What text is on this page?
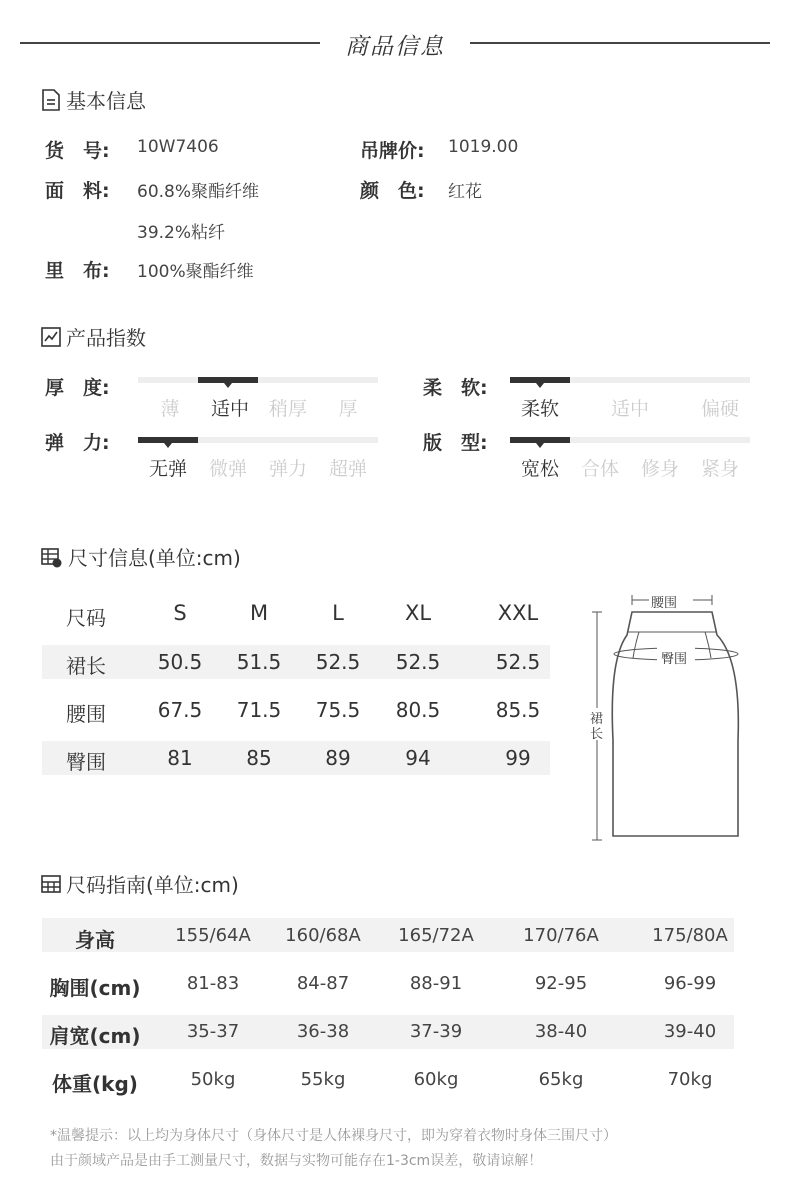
商品信息
基本信息
货　号: 10W7406	吊牌价: 1019.00
面　料: 60.8%聚酯纤维
39.2%粘纤
颜　色: 红花
里　布: 100%聚酯纤维
产品指数
厚　度:
薄	适中	稍厚	厚
柔　软:
柔软	适中	偏硬
弹　力:
无弹	微弹	弹力	超弹
版　型:
宽松	合体	修身	紧身
尺寸信息(单位:cm)
尺码	S	M	L	XL	XXL
裙长	50.5	51.5	52.5	52.5	52.5
腰围	67.5	71.5	75.5	80.5	85.5
臀围	81	85	89	94	99
腰围
臀围
裙
长
尺码指南(单位:cm)
身高	155/64A	160/68A	165/72A	170/76A	175/80A
胸围(cm)	81-83	84-87	88-91	92-95	96-99
肩宽(cm)	35-37	36-38	37-39	38-40	39-40
体重(kg)	50kg	55kg	60kg	65kg	70kg
*温馨提示：以上均为身体尺寸（身体尺寸是人体裸身尺寸，即为穿着衣物时身体三围尺寸）
由于颜域产品是由手工测量尺寸，数据与实物可能存在1-3cm误差，敬请谅解！
